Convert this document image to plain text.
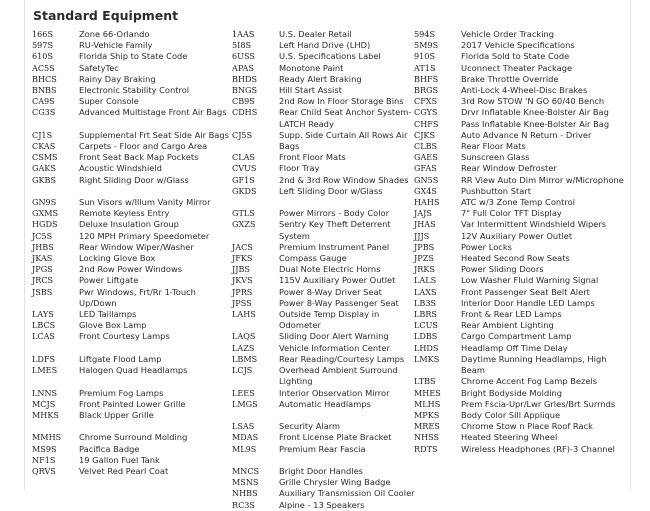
Standard Equipment
166S	Zone 66-Orlando
597S	RU-Vehicle Family
610S	Florida Ship to State Code
AC5S	SafetyTec
BHCS	Rainy Day Braking
BNBS	Electronic Stability Control
CA9S	Super Console
CG3S	Advanced Multistage Front Air Bags

CJ1S	Supplemental Frt Seat Side Air Bags
CKAS	Carpets - Floor and Cargo Area
CSMS	Front Seat Back Map Pockets
GAKS	Acoustic Windshield
GKBS	Right Sliding Door w/Glass

GN9S	Sun Visors w/Illum Vanity Mirror
GXMS	Remote Keyless Entry
HGDS	Deluxe Insulation Group
JC5S	120 MPH Primary Speedometer
JHBS	Rear Window Wiper/Washer
JKAS	Locking Glove Box
JPGS	2nd Row Power Windows
JRCS	Power Liftgate
JSBS	Pwr Windows, Frt/Rr 1-Touch Up/Down
LAYS	LED Taillamps
LBCS	Glove Box Lamp
LCAS	Front Courtesy Lamps

LDFS	Liftgate Flood Lamp
LMES	Halogen Quad Headlamps

LNNS	Premium Fog Lamps
MCJS	Front Painted Lower Grille
MHKS	Black Upper Grille

MMHS	Chrome Surround Molding
MS9S	Pacifica Badge
NF1S	19 Gallon Fuel Tank
QRVS	Velvet Red Pearl Coat
1AAS	U.S. Dealer Retail
5I8S	Left Hand Drive (LHD)
6USS	U.S. Specifications Label
APAS	Monotone Paint
BHDS	Ready Alert Braking
BNGS	Hill Start Assist
CB9S	2nd Row In Floor Storage Bins
CDHS	Rear Child Seat Anchor System-LATCH Ready
CJ5S	Supp. Side Curtain All Rows Air Bags
CLAS	Front Floor Mats
CVUS	Floor Tray
GF1S	2nd & 3rd Row Window Shades
GKDS	Left Sliding Door w/Glass

GTLS	Power Mirrors - Body Color
GXZS	Sentry Key Theft Deterrent System
JACS	Premium Instrument Panel
JFKS	Compass Gauge
JJBS	Dual Note Electric Horns
JKVS	115V Auxiliary Power Outlet
JPRS	Power 8-Way Driver Seat
JPSS	Power 8-Way Passenger Seat
LAHS	Outside Temp Display in Odometer
LAQS	Sliding Door Alert Warning
LAZS	Vehicle Information Center
LBMS	Rear Reading/Courtesy Lamps
LCJS	Overhead Ambient Surround Lighting
LEES	Interior Observation Mirror
LMGS	Automatic Headlamps

LSAS	Security Alarm
MDAS	Front License Plate Bracket
ML9S	Premium Rear Fascia

MNCS	Bright Door Handles
MSNS	Grille Chrysler Wing Badge
NHBS	Auxiliary Transmission Oil Cooler
RC3S	Alpine - 13 Speakers
594S	Vehicle Order Tracking
5M9S	2017 Vehicle Specifications
910S	Florida Sold to State Code
AT1S	Uconnect Theater Package
BHFS	Brake Throttle Override
BRGS	Anti-Lock 4-Wheel-Disc Brakes
CFXS	3rd Row STOW 'N GO 60/40 Bench
CGYS	Drvr Inflatable Knee-Bolster Air Bag
CHFS	Pass Inflatable Knee-Bolster Air Bag
CJKS	Auto Advance N Return - Driver
CLBS	Rear Floor Mats
GAES	Sunscreen Glass
GFAS	Rear Window Defroster
GN5S	RR View Auto Dim Mirror w/Microphone
GX4S	Pushbutton Start
HAHS	ATC w/3 Zone Temp Control
JAJS	7" Full Color TFT Display
JHAS	Var Intermittent Windshield Wipers
JJJS	12V Auxiliary Power Outlet
JPBS	Power Locks
JPZS	Heated Second Row Seats
JRKS	Power Sliding Doors
LALS	Low Washer Fluid Warning Signal
LAXS	Front Passenger Seat Belt Alert
LB3S	Interior Door Handle LED Lamps
LBRS	Front & Rear LED Lamps
LCUS	Rear Ambient Lighting
LDBS	Cargo Compartment Lamp
LHDS	Headlamp Off Time Delay
LMKS	Daytime Running Headlamps, High Beam
LTBS	Chrome Accent Fog Lamp Bezels
MHES	Bright Bodyside Molding
MLHS	Prem Fscia-Upr/Lwr Grles/Brt Surrnds
MPKS	Body Color Sill Applique
MRES	Chrome Stow n Place Roof Rack
NHSS	Heated Steering Wheel
RDTS	Wireless Headphones (RF)-3 Channel
